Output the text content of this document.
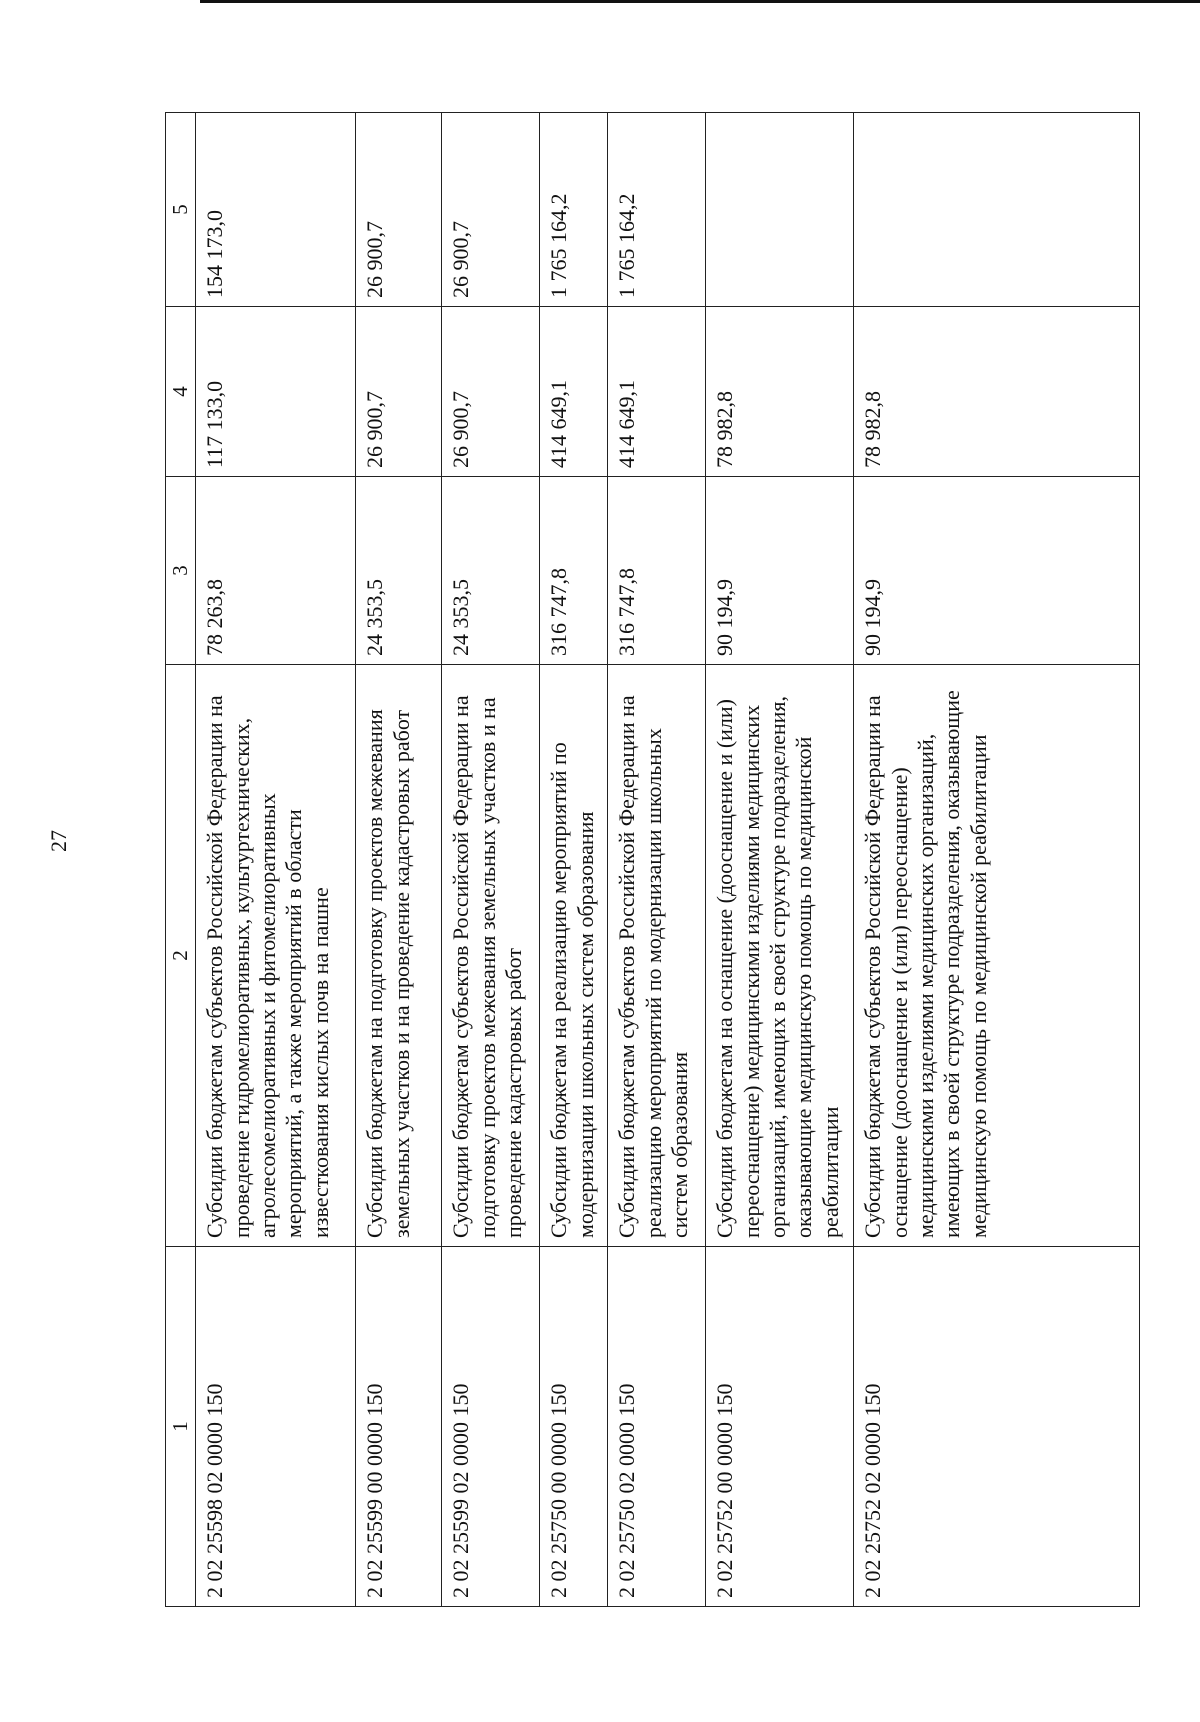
27
1	2	3	4	5
2 02 25598 02 0000 150	Субсидии бюджетам субъектов Российской Федерации на проведение гидромелиоративных, культуртехнических, агролесомелиоративных и фитомелиоративных мероприятий, а также мероприятий в области известкования кислых почв на пашне	78 263,8	117 133,0	154 173,0
2 02 25599 00 0000 150	Субсидии бюджетам на подготовку проектов межевания земельных участков и на проведение кадастровых работ	24 353,5	26 900,7	26 900,7
2 02 25599 02 0000 150	Субсидии бюджетам субъектов Российской Федерации на подготовку проектов межевания земельных участков и на проведение кадастровых работ	24 353,5	26 900,7	26 900,7
2 02 25750 00 0000 150	Субсидии бюджетам на реализацию мероприятий по модернизации школьных систем образования	316 747,8	414 649,1	1 765 164,2
2 02 25750 02 0000 150	Субсидии бюджетам субъектов Российской Федерации на реализацию мероприятий по модернизации школьных систем образования	316 747,8	414 649,1	1 765 164,2
2 02 25752 00 0000 150	Субсидии бюджетам на оснащение (дооснащение и (или) переоснащение) медицинскими изделиями медицинских организаций, имеющих в своей структуре подразделения, оказывающие медицинскую помощь по медицинской реабилитации	90 194,9	78 982,8	
2 02 25752 02 0000 150	Субсидии бюджетам субъектов Российской Федерации на оснащение (дооснащение и (или) переоснащение) медицинскими изделиями медицинских организаций, имеющих в своей структуре подразделения, оказывающие медицинскую помощь по медицинской реабилитации	90 194,9	78 982,8	
